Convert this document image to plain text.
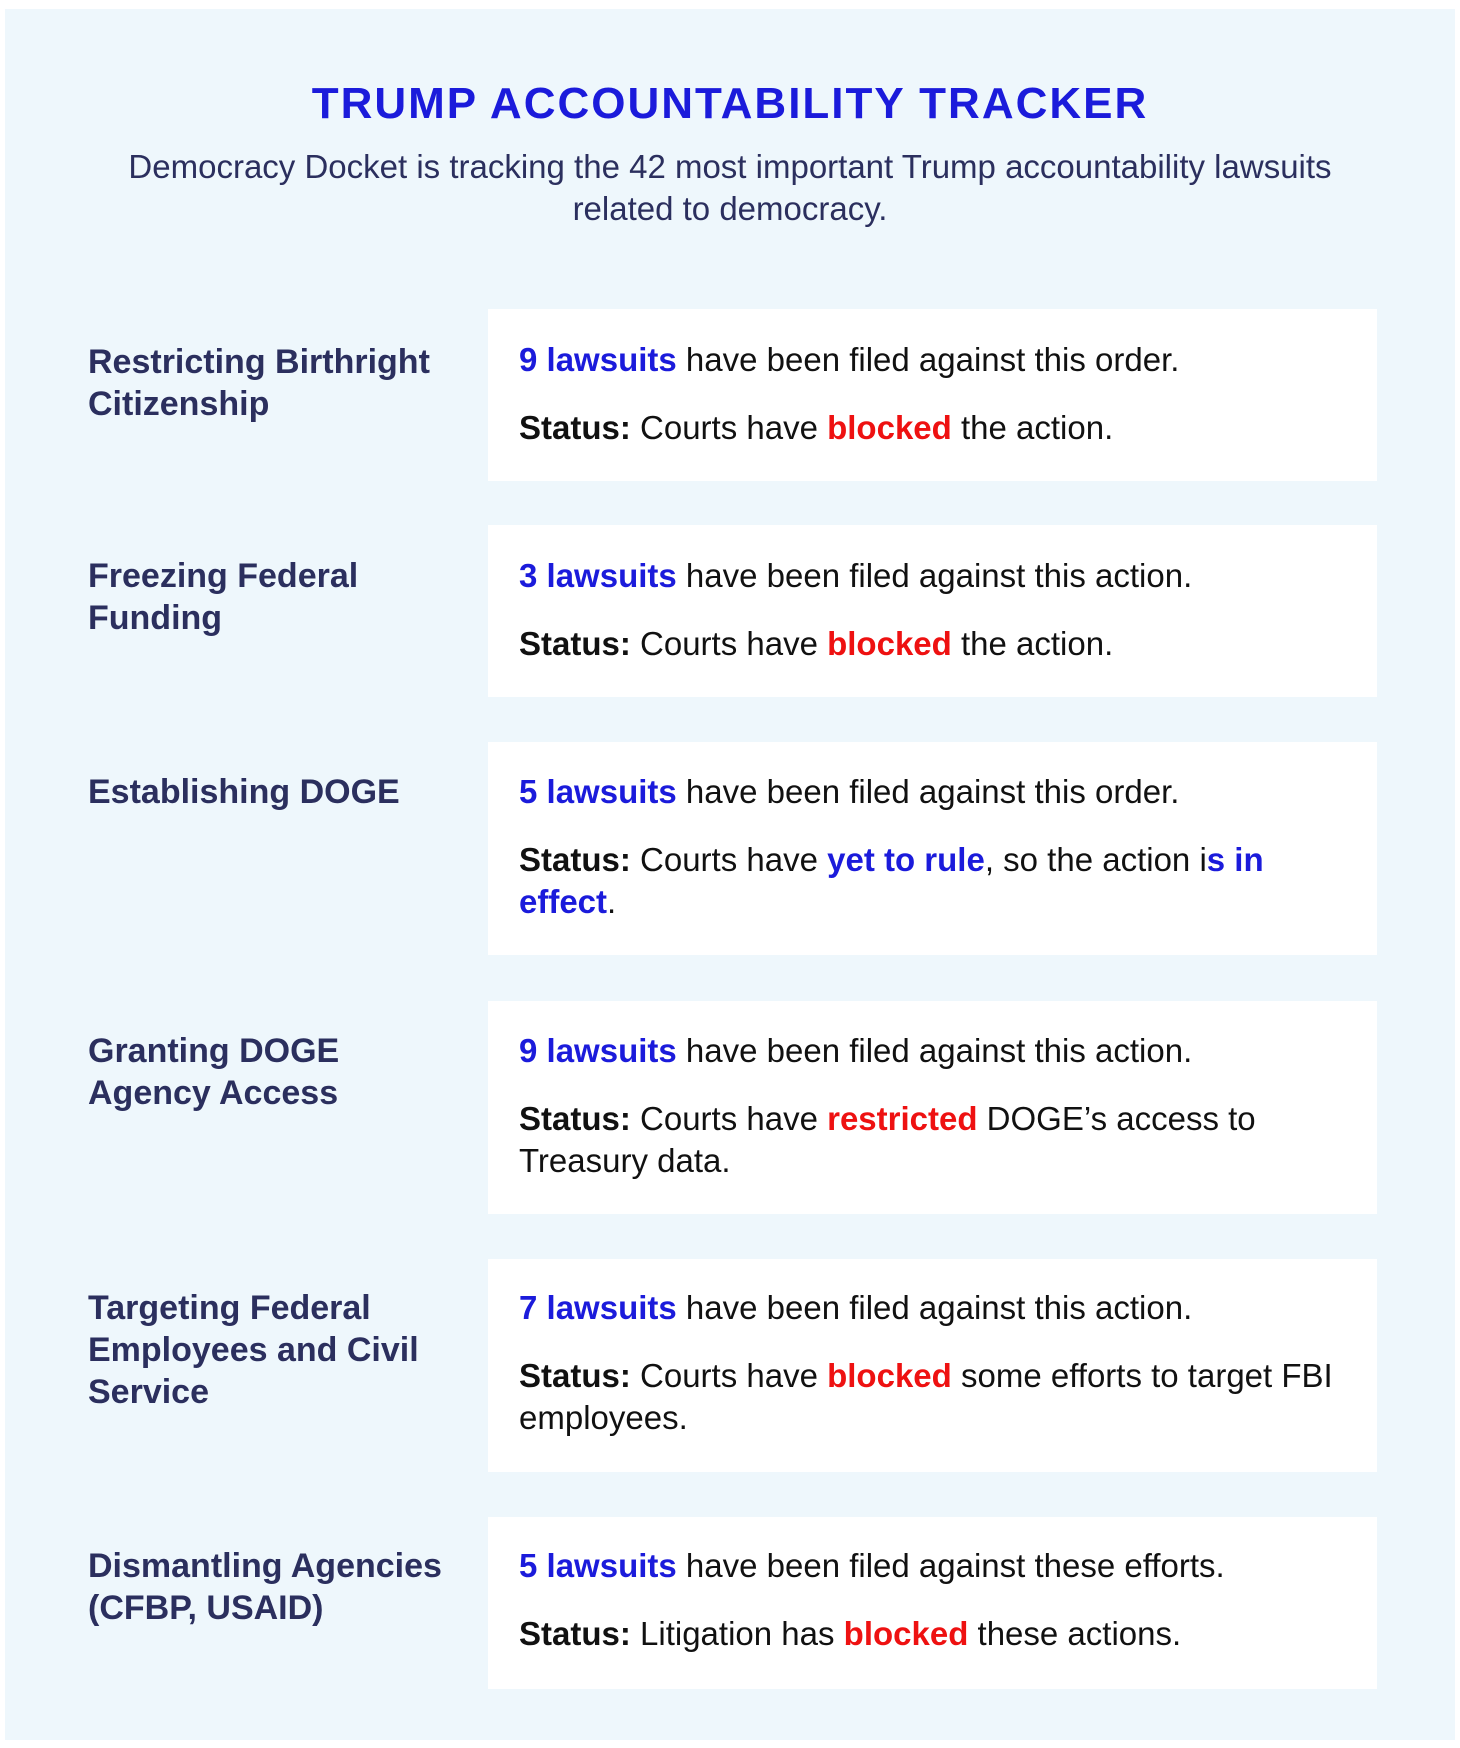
TRUMP ACCOUNTABILITY TRACKER

Democracy Docket is tracking the 42 most important Trump accountability lawsuits related to democracy.

Restricting Birthright Citizenship
9 lawsuits have been filed against this order.
Status: Courts have blocked the action.
Freezing Federal Funding
3 lawsuits have been filed against this action.
Status: Courts have blocked the action.
Establishing DOGE	5 lawsuits have been filed against this order.
Status: Courts have yet to rule, so the action is in effect.
Granting DOGE Agency Access
9 lawsuits have been filed against this action.
Status: Courts have restricted DOGE’s access to Treasury data.
Targeting Federal Employees and Civil Service
7 lawsuits have been filed against this action.
Status: Courts have blocked some efforts to target FBI employees.
Dismantling Agencies (CFBP, USAID)
5 lawsuits have been filed against these efforts.
Status: Litigation has blocked these actions.
